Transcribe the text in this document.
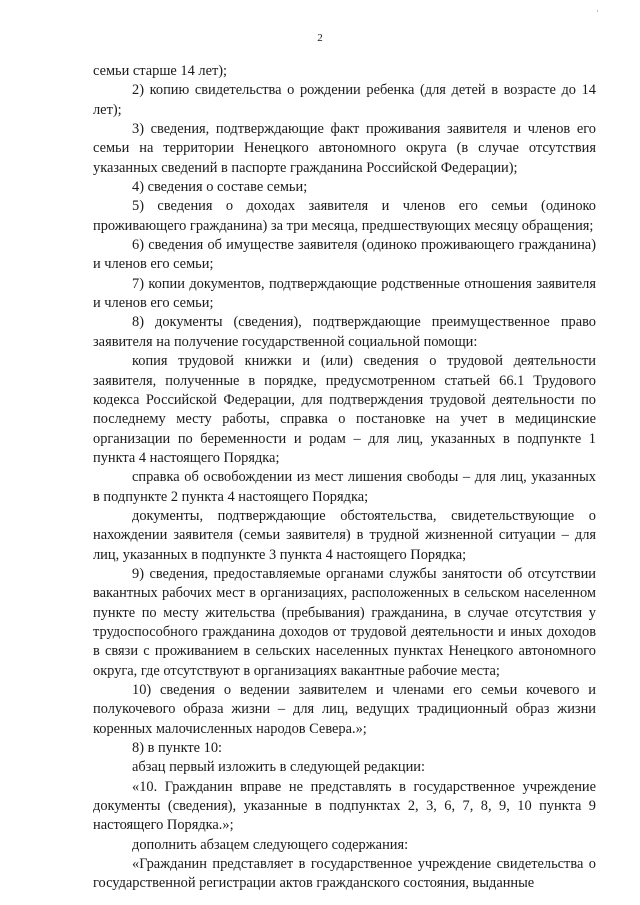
·
2

семьи старше 14 лет);

2) копию свидетельства о рождении ребенка (для детей в возрасте до 14 лет);

3) сведения, подтверждающие факт проживания заявителя и членов его семьи на территории Ненецкого автономного округа (в случае отсутствия указанных сведений в паспорте гражданина Российской Федерации);

4) сведения о составе семьи;

5) сведения о доходах заявителя и членов его семьи (одиноко проживающего гражданина) за три месяца, предшествующих месяцу обращения;

6) сведения об имуществе заявителя (одиноко проживающего гражданина) и членов его семьи;

7) копии документов, подтверждающие родственные отношения заявителя и членов его семьи;

8) документы (сведения), подтверждающие преимущественное право заявителя на получение государственной социальной помощи:

копия трудовой книжки и (или) сведения о трудовой деятельности заявителя, полученные в порядке, предусмотренном статьей 66.1 Трудового кодекса Российской Федерации, для подтверждения трудовой деятельности по последнему месту работы, справка о постановке на учет в медицинские организации по беременности и родам – для лиц, указанных в подпункте 1 пункта 4 настоящего Порядка;

справка об освобождении из мест лишения свободы – для лиц, указанных в подпункте 2 пункта 4 настоящего Порядка;

документы, подтверждающие обстоятельства, свидетельствующие о нахождении заявителя (семьи заявителя) в трудной жизненной ситуации – для лиц, указанных в подпункте 3 пункта 4 настоящего Порядка;

9) сведения, предоставляемые органами службы занятости об отсутствии вакантных рабочих мест в организациях, расположенных в сельском населенном пункте по месту жительства (пребывания) гражданина, в случае отсутствия у трудоспособного гражданина доходов от трудовой деятельности и иных доходов в связи с проживанием в сельских населенных пунктах Ненецкого автономного округа, где отсутствуют в организациях вакантные рабочие места;

10) сведения о ведении заявителем и членами его семьи кочевого и полукочевого образа жизни – для лиц, ведущих традиционный образ жизни коренных малочисленных народов Севера.»;

8) в пункте 10:

абзац первый изложить в следующей редакции:

«10. Гражданин вправе не представлять в государственное учреждение документы (сведения), указанные в подпунктах 2, 3, 6, 7, 8, 9, 10 пункта 9 настоящего Порядка.»;

дополнить абзацем следующего содержания:

«Гражданин представляет в государственное учреждение свидетельства о государственной регистрации актов гражданского состояния, выданные
